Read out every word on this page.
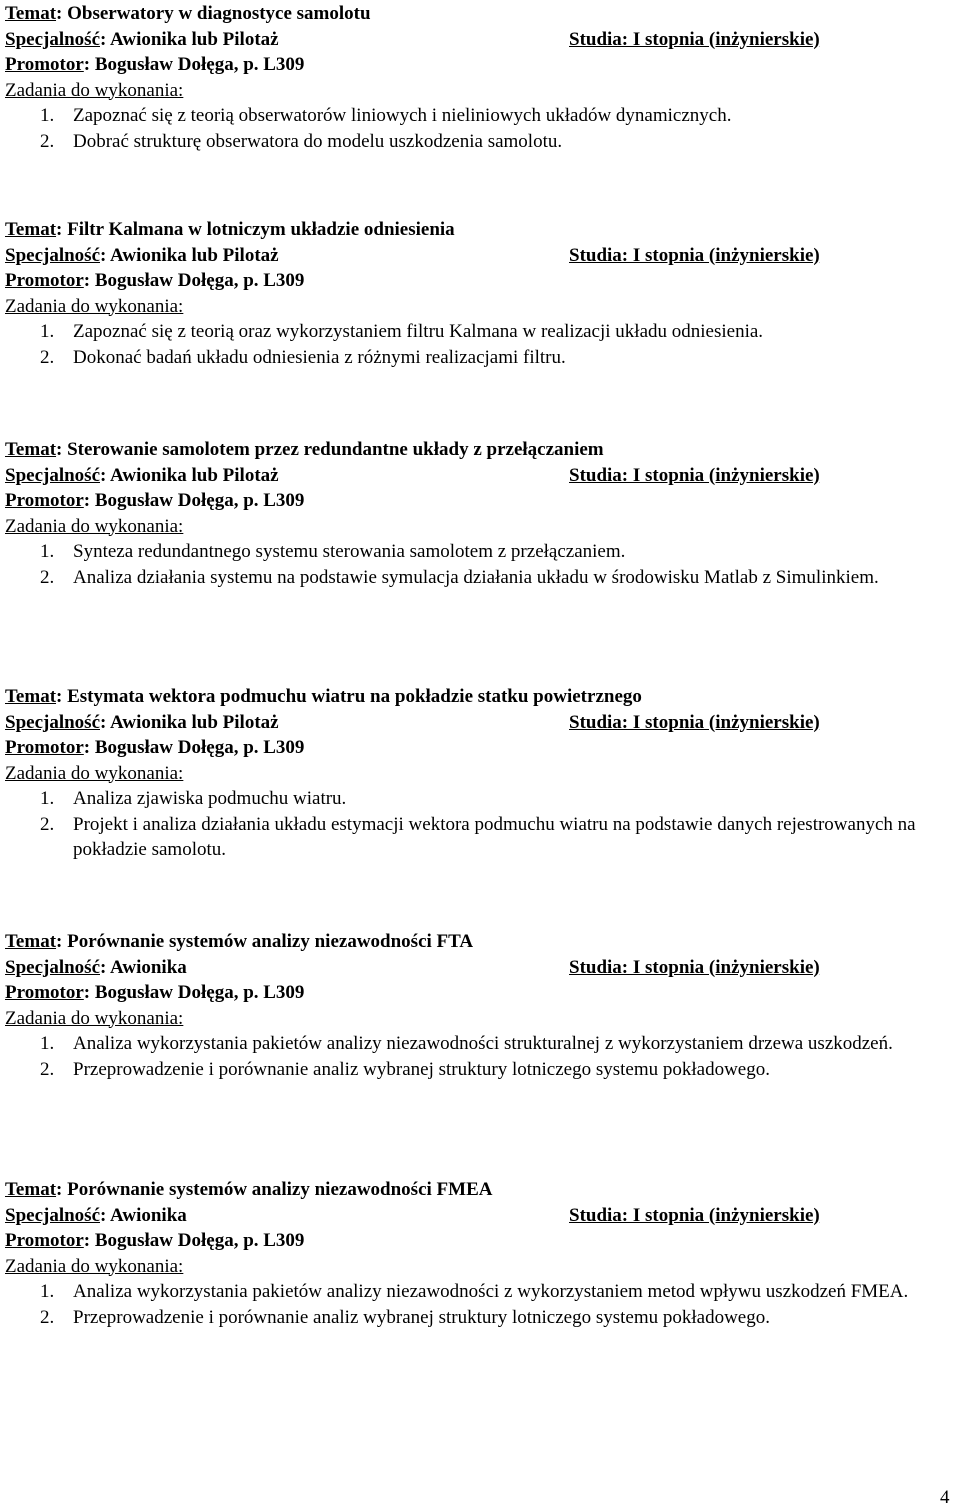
Temat: Obserwatory w diagnostyce samolotu
Specjalność: Awionika lub Pilotaż	Studia: I stopnia (inżynierskie)
Promotor: Bogusław Dołęga, p. L309
Zadania do wykonania:
1. Zapoznać się z teorią obserwatorów liniowych i nieliniowych układów dynamicznych.
2. Dobrać strukturę obserwatora do modelu uszkodzenia samolotu.
Temat: Filtr Kalmana w lotniczym układzie odniesienia
Specjalność: Awionika lub Pilotaż	Studia: I stopnia (inżynierskie)
Promotor: Bogusław Dołęga, p. L309
Zadania do wykonania:
1. Zapoznać się z teorią oraz wykorzystaniem filtru Kalmana w realizacji układu odniesienia.
2. Dokonać badań układu odniesienia z różnymi realizacjami filtru.
Temat: Sterowanie samolotem przez redundantne układy z przełączaniem
Specjalność: Awionika lub Pilotaż	Studia: I stopnia (inżynierskie)
Promotor: Bogusław Dołęga, p. L309
Zadania do wykonania:
1. Synteza redundantnego systemu sterowania samolotem z przełączaniem.
2. Analiza działania systemu na podstawie symulacja działania układu w środowisku Matlab z Simulinkiem.
Temat: Estymata wektora podmuchu wiatru na pokładzie statku powietrznego
Specjalność: Awionika lub Pilotaż	Studia: I stopnia (inżynierskie)
Promotor: Bogusław Dołęga, p. L309
Zadania do wykonania:
1. Analiza zjawiska podmuchu wiatru.
2. Projekt i analiza działania układu estymacji wektora podmuchu wiatru na podstawie danych rejestrowanych na pokładzie samolotu.
Temat: Porównanie systemów analizy niezawodności FTA
Specjalność: Awionika	Studia: I stopnia (inżynierskie)
Promotor: Bogusław Dołęga, p. L309
Zadania do wykonania:
1. Analiza wykorzystania pakietów analizy niezawodności strukturalnej z wykorzystaniem drzewa uszkodzeń.
2. Przeprowadzenie i porównanie analiz wybranej struktury lotniczego systemu pokładowego.
Temat: Porównanie systemów analizy niezawodności FMEA
Specjalność: Awionika	Studia: I stopnia (inżynierskie)
Promotor: Bogusław Dołęga, p. L309
Zadania do wykonania:
1. Analiza wykorzystania pakietów analizy niezawodności z wykorzystaniem metod wpływu uszkodzeń FMEA.
2. Przeprowadzenie i porównanie analiz wybranej struktury lotniczego systemu pokładowego.
4
